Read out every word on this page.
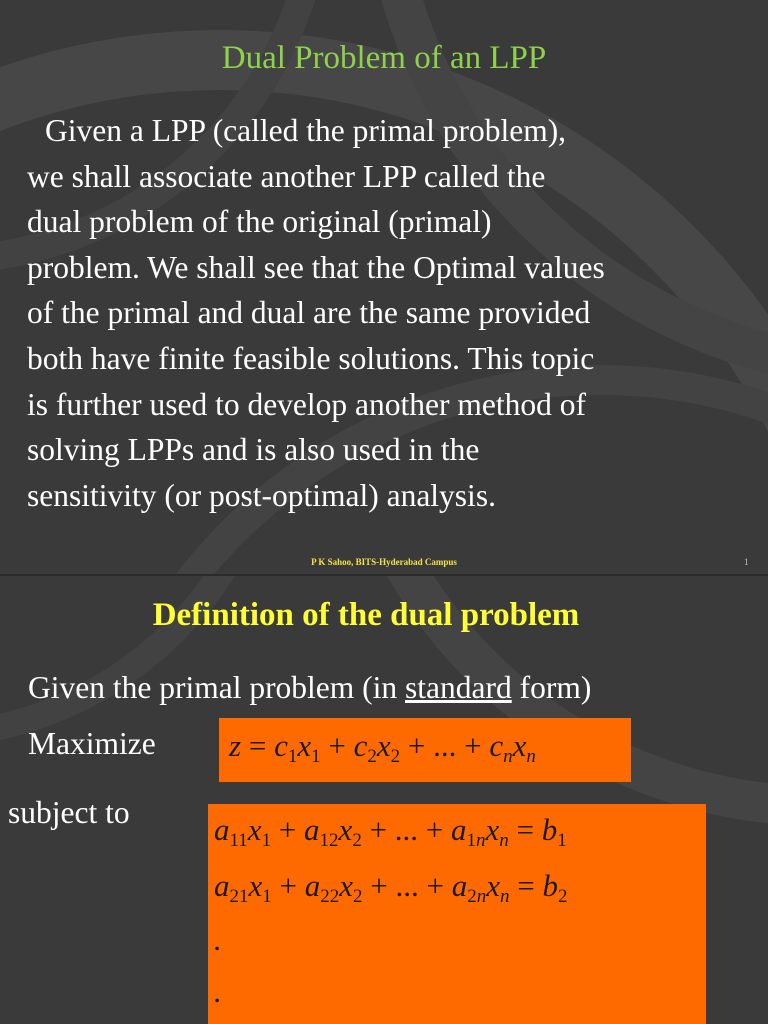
Dual Problem of an LPP
Given a LPP (called the primal problem),
we shall associate another LPP called the
dual problem of the original (primal)
problem. We shall see that the Optimal values
of the primal and dual are the same provided
both have finite feasible solutions. This topic
is further used to develop another method of
solving LPPs and is also used in the
sensitivity (or post-optimal) analysis.
P K Sahoo, BITS-Hyderabad Campus	1
Definition of the dual problem
Given the primal problem (in standard form)
Maximize $z = c_1x_1 + c_2x_2$ + ... + $c_nx_n$
subject to	$a_{11}x_1 + a_{12}x_2$ + ... + $a_{1n}x_n = b_1$
$a_{21}x_1 + a_{22}x_2$ + ... + $a_{2n}x_n = b_2$
.
.
